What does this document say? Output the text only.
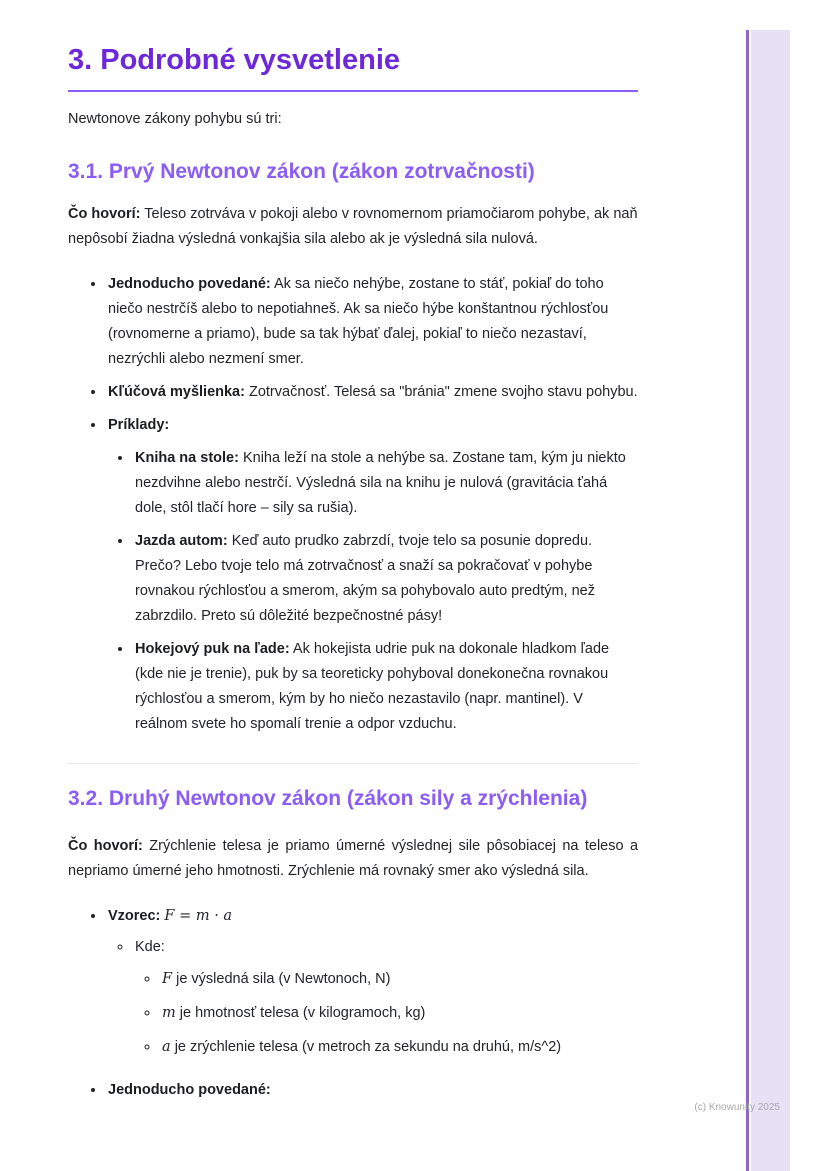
3. Podrobné vysvetlenie

Newtonove zákony pohybu sú tri:

3.1. Prvý Newtonov zákon (zákon zotrvačnosti)

Čo hovorí: Teleso zotrváva v pokoji alebo v rovnomernom priamočiarom pohybe, ak naň nepôsobí žiadna výsledná vonkajšia sila alebo ak je výsledná sila nulová.

• Jednoducho povedané: Ak sa niečo nehýbe, zostane to stáť, pokiaľ do toho niečo nestrčíš alebo to nepotiahneš. Ak sa niečo hýbe konštantnou rýchlosťou (rovnomerne a priamo), bude sa tak hýbať ďalej, pokiaľ to niečo nezastaví, nezrýchli alebo nezmení smer.
• Kľúčová myšlienka: Zotrvačnosť. Telesá sa "bránia" zmene svojho stavu pohybu.
• Príklady:
• Kniha na stole: Kniha leží na stole a nehýbe sa. Zostane tam, kým ju niekto nezdvihne alebo nestrčí. Výsledná sila na knihu je nulová (gravitácia ťahá dole, stôl tlačí hore – sily sa rušia).
• Jazda autom: Keď auto prudko zabrzdí, tvoje telo sa posunie dopredu. Prečo? Lebo tvoje telo má zotrvačnosť a snaží sa pokračovať v pohybe rovnakou rýchlosťou a smerom, akým sa pohybovalo auto predtým, než zabrzdilo. Preto sú dôležité bezpečnostné pásy!
• Hokejový puk na ľade: Ak hokejista udrie puk na dokonale hladkom ľade (kde nie je trenie), puk by sa teoreticky pohyboval donekonečna rovnakou rýchlosťou a smerom, kým by ho niečo nezastavilo (napr. mantinel). V reálnom svete ho spomalí trenie a odpor vzduchu.
3.2. Druhý Newtonov zákon (zákon sily a zrýchlenia)

Čo hovorí: Zrýchlenie telesa je priamo úmerné výslednej sile pôsobiacej na teleso a nepriamo úmerné jeho hmotnosti. Zrýchlenie má rovnaký smer ako výsledná sila.

• Vzorec: F = m · a
◦ Kde:
◦ F je výsledná sila (v Newtonoch, N)
◦ m je hmotnosť telesa (v kilogramoch, kg)
◦ a je zrýchlenie telesa (v metroch za sekundu na druhú, m/s^2)
• Jednoducho povedané:
(c) Knowunity 2025
